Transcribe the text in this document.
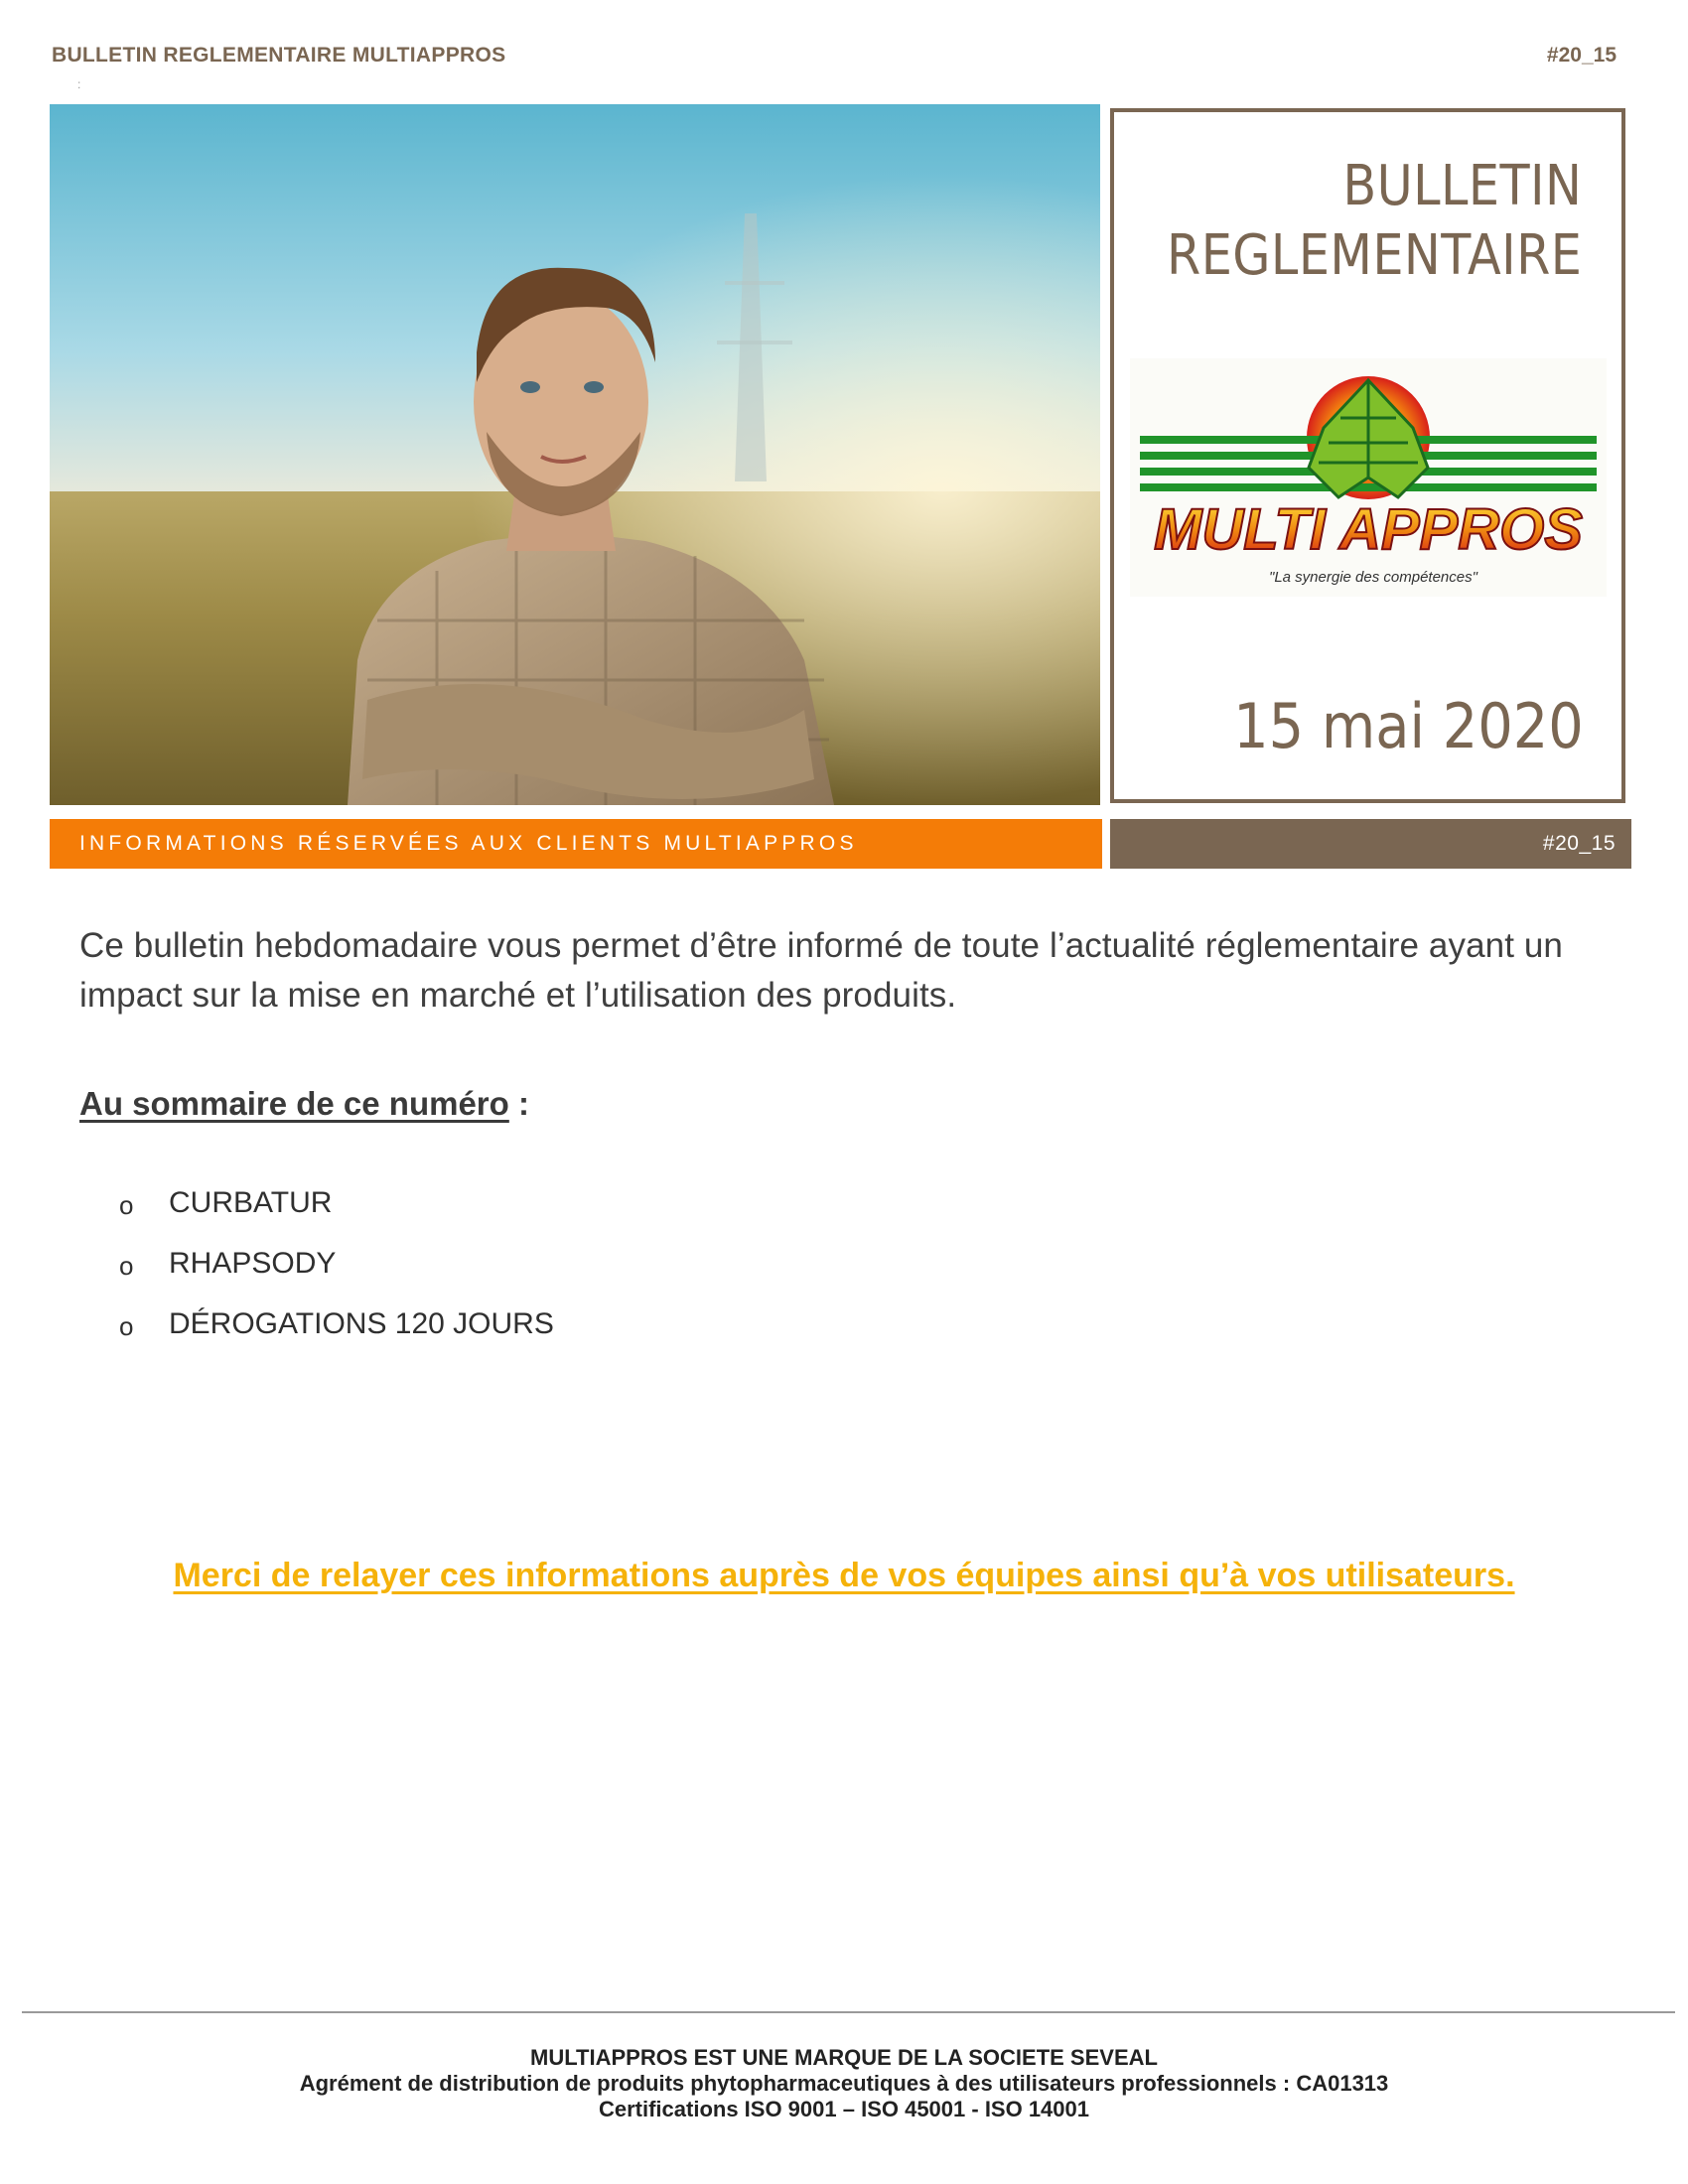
BULLETIN REGLEMENTAIRE MULTIAPPROS	#20_15
:
BULLETIN
REGLEMENTAIRE
MULTI APPROS
"La synergie des compétences"
15 mai 2020
INFORMATIONS RÉSERVÉES AUX CLIENTS MULTIAPPROS	#20_15

Ce bulletin hebdomadaire vous permet d’être informé de toute l’actualité réglementaire ayant un impact sur la mise en marché et l’utilisation des produits.

Au sommaire de ce numéro :
o CURBATUR
o RHAPSODY
o DÉROGATIONS 120 JOURS
Merci de relayer ces informations auprès de vos équipes ainsi qu’à vos utilisateurs.
MULTIAPPROS EST UNE MARQUE DE LA SOCIETE SEVEAL
Agrément de distribution de produits phytopharmaceutiques à des utilisateurs professionnels : CA01313
Certifications ISO 9001 – ISO 45001 - ISO 14001
